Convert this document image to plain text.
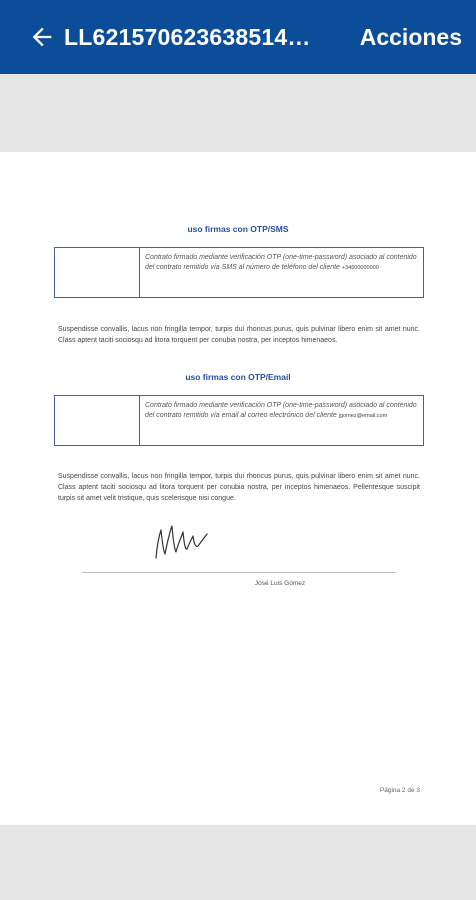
LL621570623638514…	Acciones
uso firmas con OTP/SMS
Contrato firmado mediante verificación OTP (one-time-password) asociado al contenido del contrato remitido vía SMS al número de teléfono del cliente +34600000000
Suspendisse convallis, lacus non fringilla tempor, turpis dui rhoncus purus, quis pulvinar libero enim sit amet nunc. Class aptent taciti sociosqu ad litora torquent per conubia nostra, per inceptos himenaeos.
uso firmas con OTP/Email
Contrato firmado mediante verificación OTP (one-time-password) asociado al contenido del contrato remitido vía email al correo electrónico del cliente jgomez@email.com
Suspendisse convallis, lacus non fringilla tempor, turpis dui rhoncus purus, quis pulvinar libero enim sit amet nunc. Class aptent taciti sociosqu ad litora torquent per conubia nostra, per inceptos himenaeos. Pellentesque suscipit turpis sit amet velit tristique, quis scelerisque nisi congue.
José Luis Gómez
Página 2 de 3
